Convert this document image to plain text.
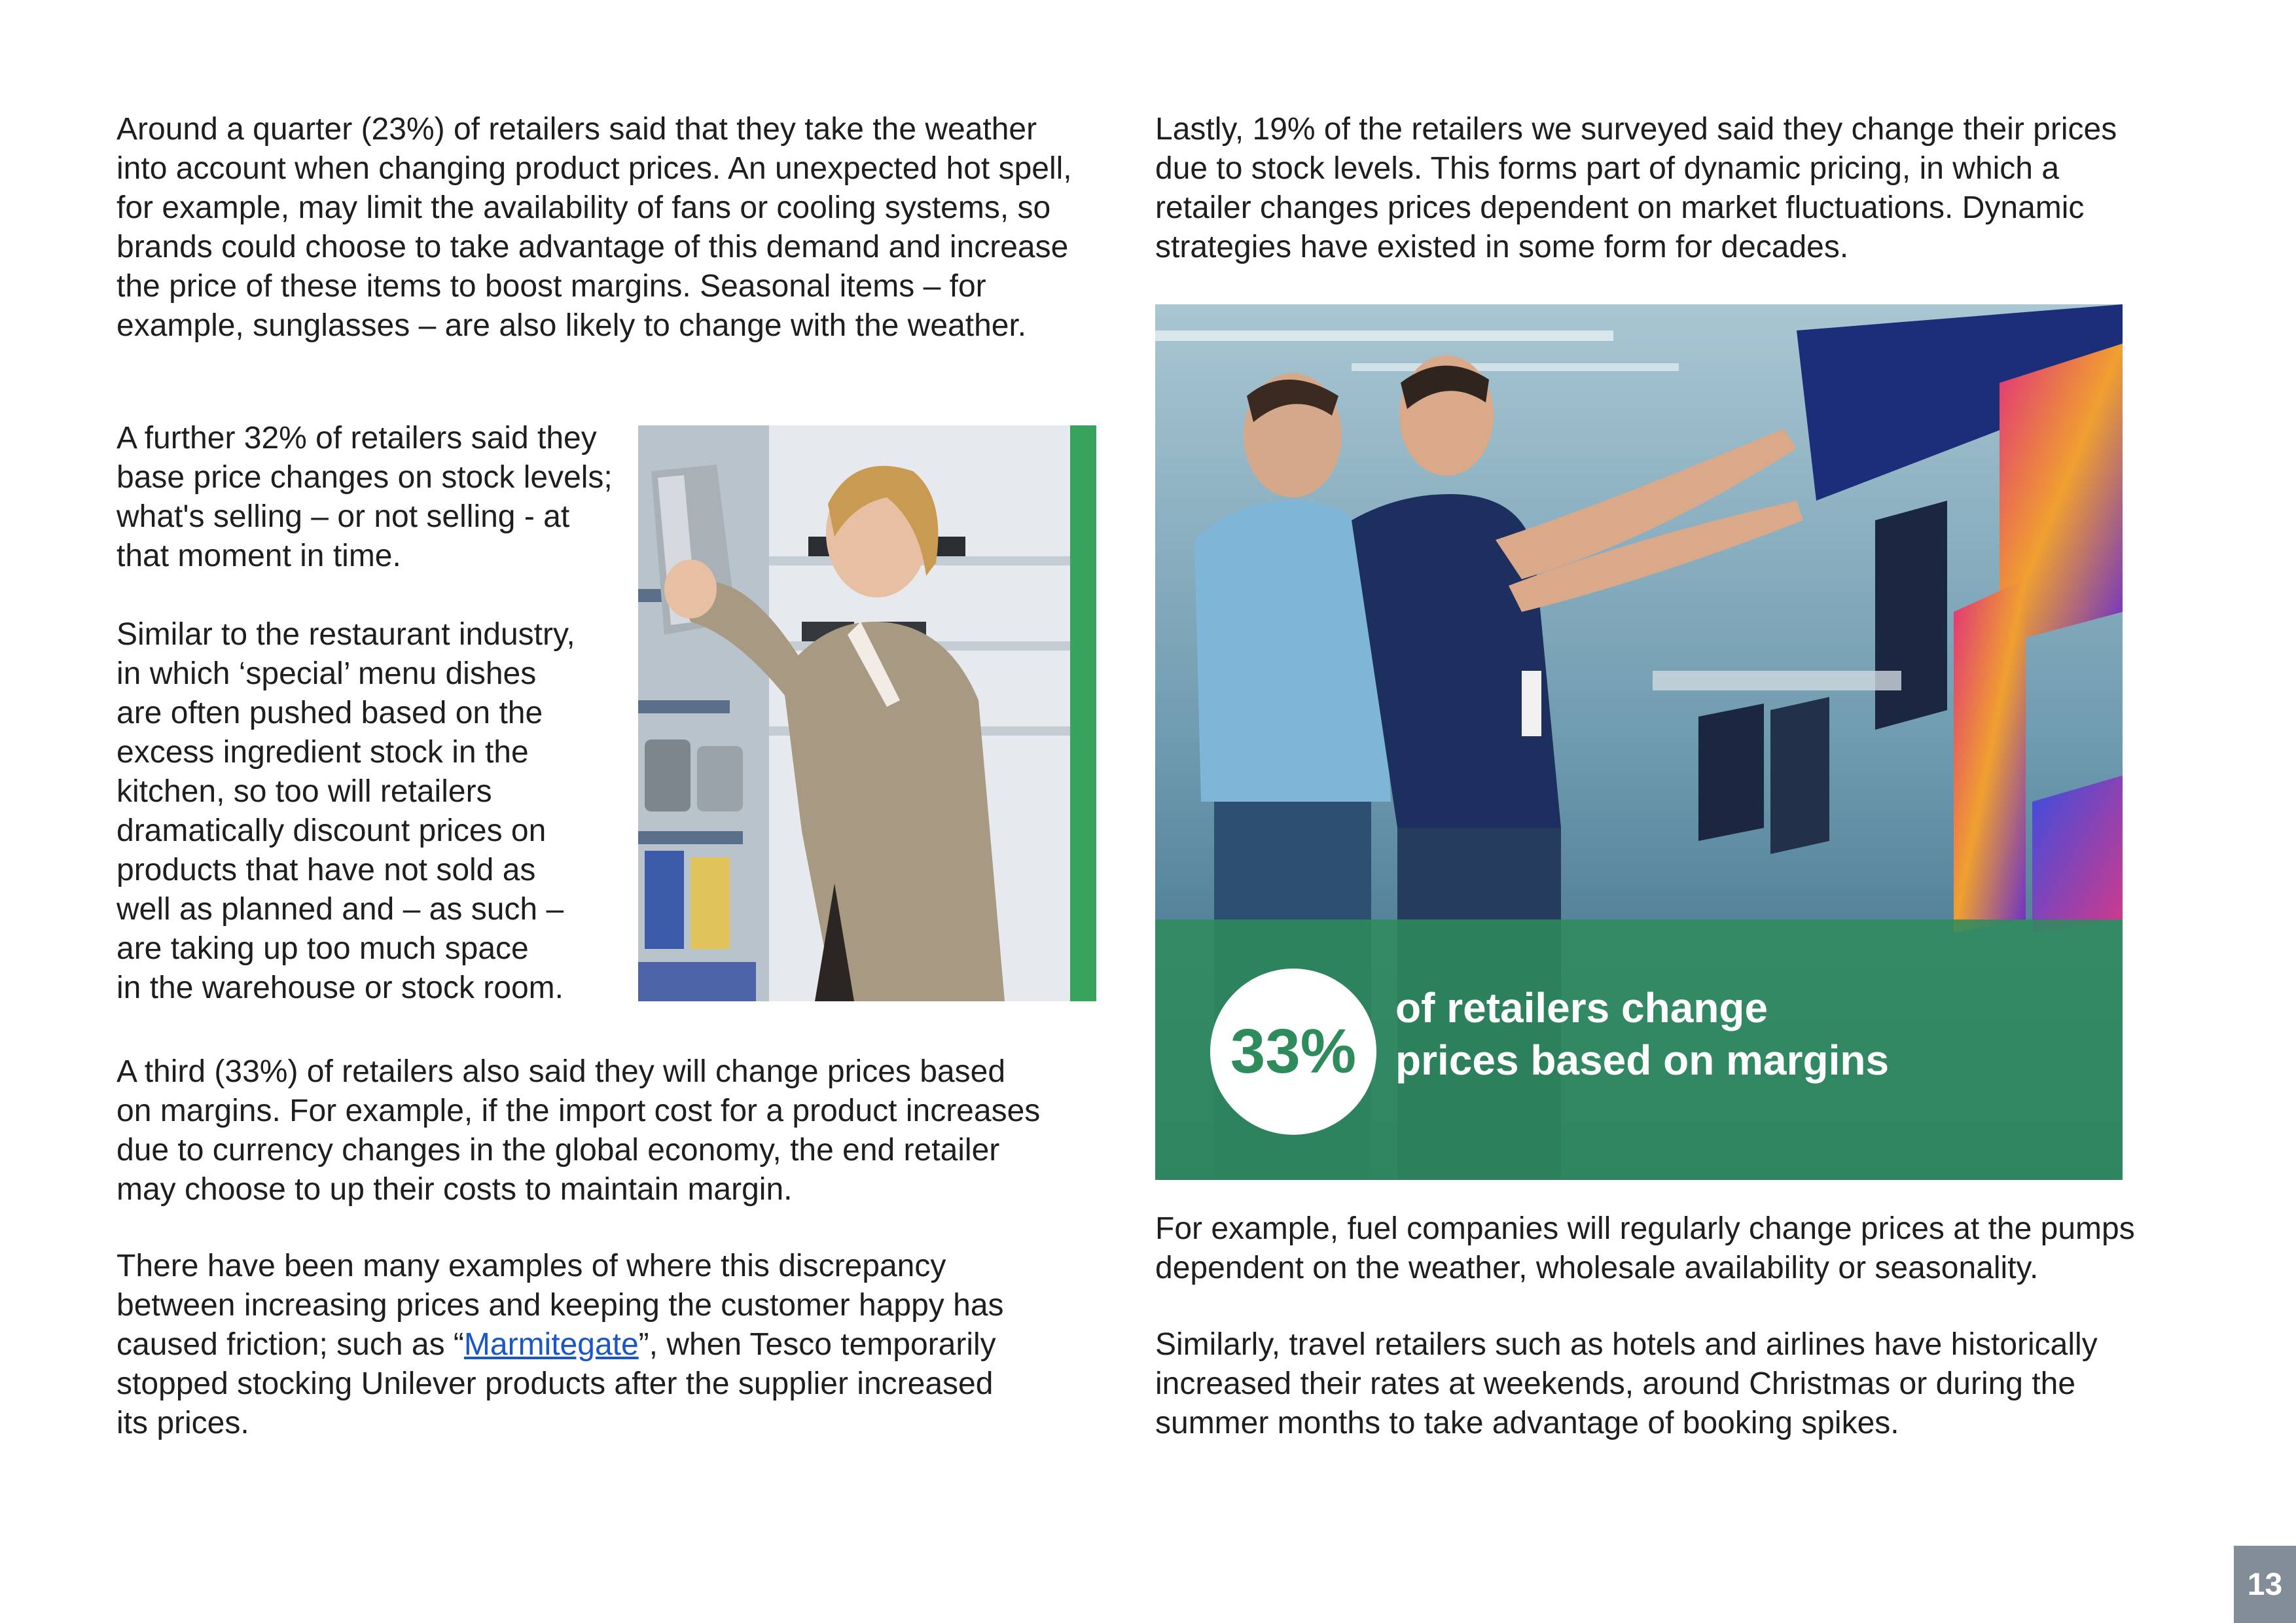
Around a quarter (23%) of retailers said that they take the weather
into account when changing product prices. An unexpected hot spell,
for example, may limit the availability of fans or cooling systems, so
brands could choose to take advantage of this demand and increase
the price of these items to boost margins. Seasonal items – for
example, sunglasses – are also likely to change with the weather.

A further 32% of retailers said they
base price changes on stock levels;
what's selling – or not selling - at
that moment in time.

Similar to the restaurant industry,
in which ‘special’ menu dishes
are often pushed based on the
excess ingredient stock in the
kitchen, so too will retailers
dramatically discount prices on
products that have not sold as
well as planned and – as such –
are taking up too much space
in the warehouse or stock room.

A third (33%) of retailers also said they will change prices based
on margins. For example, if the import cost for a product increases
due to currency changes in the global economy, the end retailer
may choose to up their costs to maintain margin.

There have been many examples of where this discrepancy
between increasing prices and keeping the customer happy has
caused friction; such as “Marmitegate”, when Tesco temporarily
stopped stocking Unilever products after the supplier increased
its prices.

Lastly, 19% of the retailers we surveyed said they change their prices
due to stock levels. This forms part of dynamic pricing, in which a
retailer changes prices dependent on market fluctuations. Dynamic
strategies have existed in some form for decades.

33%
of retailers change
prices based on margins

For example, fuel companies will regularly change prices at the pumps
dependent on the weather, wholesale availability or seasonality.

Similarly, travel retailers such as hotels and airlines have historically
increased their rates at weekends, around Christmas or during the
summer months to take advantage of booking spikes.

13
